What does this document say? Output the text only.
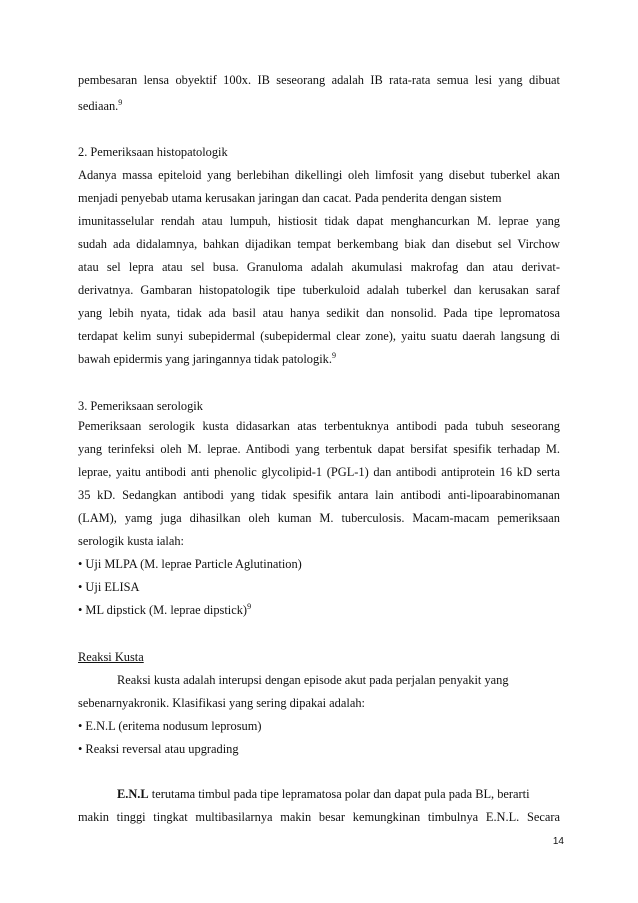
pembesaran lensa obyektif 100x. IB seseorang adalah IB rata-rata semua lesi yang dibuat
sediaan.$^9$
2. Pemeriksaan histopatologik
Adanya massa epiteloid yang berlebihan dikellingi oleh limfosit yang disebut tuberkel akan
menjadi penyebab utama kerusakan jaringan dan cacat. Pada penderita dengan sistem
imunitasselular rendah atau lumpuh, histiosit tidak dapat menghancurkan M. leprae yang
sudah ada didalamnya, bahkan dijadikan tempat berkembang biak dan disebut sel Virchow
atau sel lepra atau sel busa. Granuloma adalah akumulasi makrofag dan atau derivat-
derivatnya. Gambaran histopatologik tipe tuberkuloid adalah tuberkel dan kerusakan saraf
yang lebih nyata, tidak ada basil atau hanya sedikit dan nonsolid. Pada tipe lepromatosa
terdapat kelim sunyi subepidermal (subepidermal clear zone), yaitu suatu daerah langsung di
bawah epidermis yang jaringannya tidak patologik.$^9$
3. Pemeriksaan serologik
Pemeriksaan serologik kusta didasarkan atas terbentuknya antibodi pada tubuh seseorang
yang terinfeksi oleh M. leprae. Antibodi yang terbentuk dapat bersifat spesifik terhadap M.
leprae, yaitu antibodi anti phenolic glycolipid-1 (PGL-1) dan antibodi antiprotein 16 kD serta
35 kD. Sedangkan antibodi yang tidak spesifik antara lain antibodi anti-lipoarabinomanan
(LAM), yamg juga dihasilkan oleh kuman M. tuberculosis. Macam-macam pemeriksaan
serologik kusta ialah:
• Uji MLPA (M. leprae Particle Aglutination)
• Uji ELISA
• ML dipstick (M. leprae dipstick)$^9$
Reaksi Kusta
Reaksi kusta adalah interupsi dengan episode akut pada perjalan penyakit yang
sebenarnyakronik. Klasifikasi yang sering dipakai adalah:
• E.N.L (eritema nodusum leprosum)
• Reaksi reversal atau upgrading
E.N.L terutama timbul pada tipe lepramatosa polar dan dapat pula pada BL, berarti
makin tinggi tingkat multibasilarnya makin besar kemungkinan timbulnya E.N.L. Secara
14
